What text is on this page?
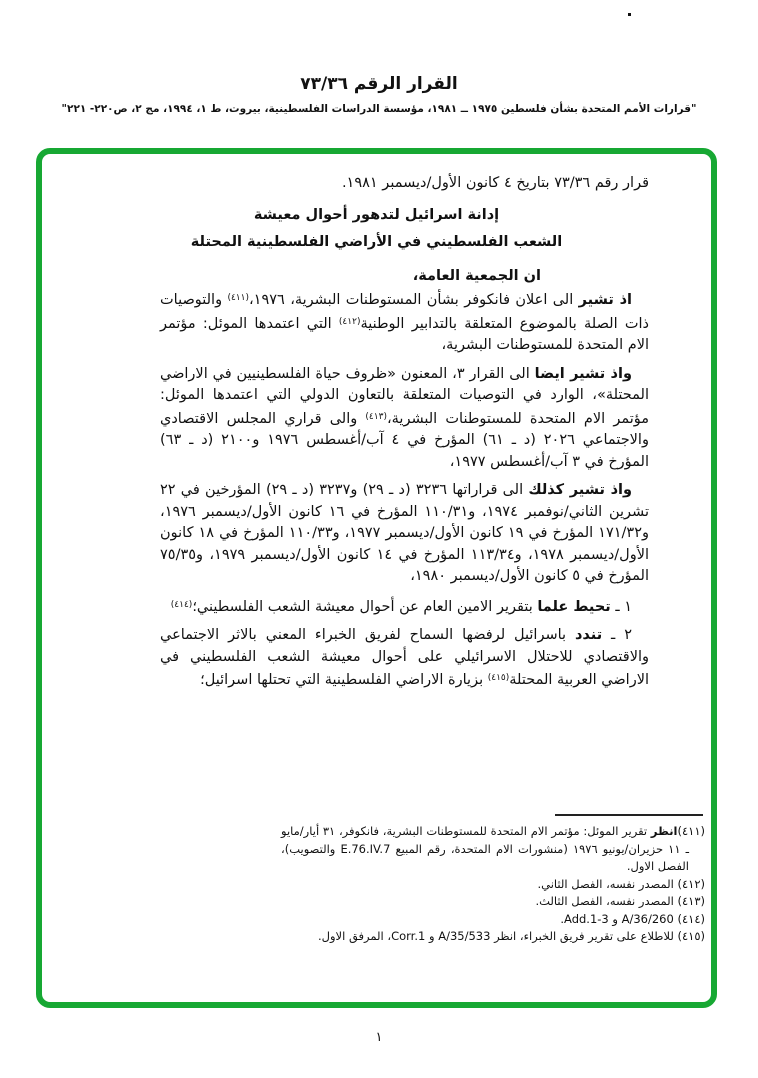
القرار الرقم ٧٣/٣٦
"قرارات الأمم المتحدة بشأن فلسطين ١٩٧٥ ــ ١٩٨١، مؤسسة الدراسات الفلسطينية، بيروت، ط ١، ١٩٩٤، مج ٢، ص٢٢٠- ٢٢١"
قرار رقم ٧٣/٣٦ بتاريخ ٤ كانون الأول/ديسمبر ١٩٨١.
إدانة اسرائيل لتدهور أحوال معيشة
الشعب الفلسطيني في الأراضي الفلسطينية المحتلة
ان الجمعية العامة،

اذ تشير الى اعلان فانكوفر بشأن المستوطنات البشرية، ١٩٧٦،$^{(٤١١)}$ والتوصيات ذات الصلة بالموضوع المتعلقة بالتدابير الوطنية$^{(٤١٢)}$ التي اعتمدها الموئل: مؤتمر الام المتحدة للمستوطنات البشرية،

واذ تشير ايضا الى القرار ٣، المعنون «ظروف حياة الفلسطينيين في الاراضي المحتلة»، الوارد في التوصيات المتعلقة بالتعاون الدولي التي اعتمدها الموئل: مؤتمر الام المتحدة للمستوطنات البشرية،$^{(٤١٣)}$ والى قراري المجلس الاقتصادي والاجتماعي ٢٠٢٦ (د ـ ٦١) المؤرخ في ٤ آب/أغسطس ١٩٧٦ و٢١٠٠ (د ـ ٦٣) المؤرخ في ٣ آب/أغسطس ١٩٧٧،

واذ تشير كذلك الى قراراتها ٣٢٣٦ (د ـ ٢٩) و٣٢٣٧ (د ـ ٢٩) المؤرخين في ٢٢ تشرين الثاني/نوفمبر ١٩٧٤، و١١٠/٣١ المؤرخ في ١٦ كانون الأول/ديسمبر ١٩٧٦، و١٧١/٣٢ المؤرخ في ١٩ كانون الأول/ديسمبر ١٩٧٧، و١١٠/٣٣ المؤرخ في ١٨ كانون الأول/ديسمبر ١٩٧٨، و١١٣/٣٤ المؤرخ في ١٤ كانون الأول/ديسمبر ١٩٧٩، و٧٥/٣٥ المؤرخ في ٥ كانون الأول/ديسمبر ١٩٨٠،

١ ـ تحيط علما بتقرير الامين العام عن أحوال معيشة الشعب الفلسطيني؛$^{(٤١٤)}$

٢ ـ تندد باسرائيل لرفضها السماح لفريق الخبراء المعني بالاثر الاجتماعي والاقتصادي للاحتلال الاسرائيلي على أحوال معيشة الشعب الفلسطيني في الاراضي العربية المحتلة$^{(٤١٥)}$ بزيارة الاراضي الفلسطينية التي تحتلها اسرائيل؛

(٤١١)انظر تقرير الموئل: مؤتمر الام المتحدة للمستوطنات البشرية، فانكوفر، ٣١ أيار/مايو ـ ١١ حزيران/يونيو ١٩٧٦ (منشورات الام المتحدة، رقم المبيع E.76.IV.7 والتصويب)، الفصل الاول.

(٤١٢) المصدر نفسه، الفصل الثاني.

(٤١٣) المصدر نفسه، الفصل الثالث.

(٤١٤) A/36/260 و Add.1-3.

(٤١٥) للاطلاع على تقرير فريق الخبراء، انظر A/35/533 و Corr.1، المرفق الاول.

١
